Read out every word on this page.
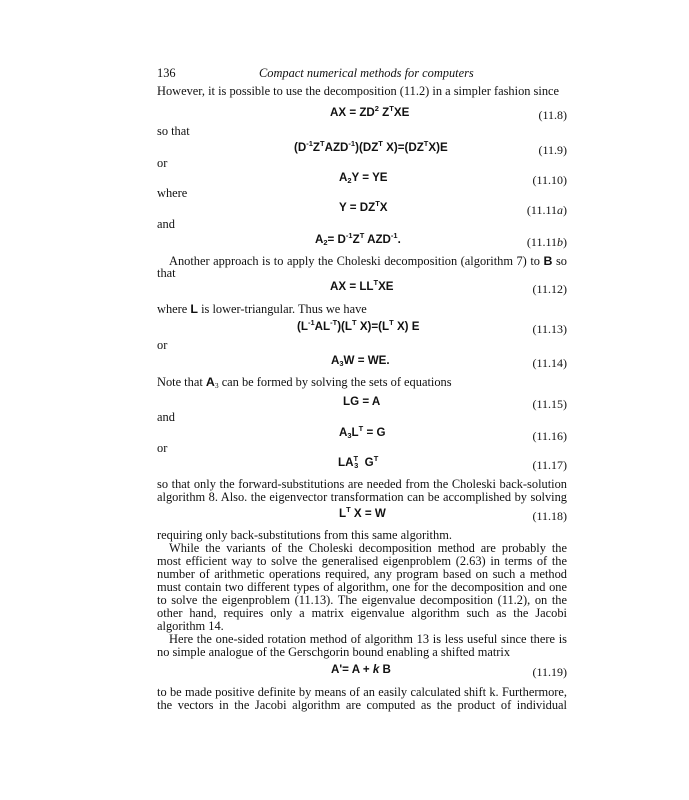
136	Compact numerical methods for computers
However, it is possible to use the decomposition (11.2) in a simpler fashion since
AX = $ZD^2$ $Z^TXE$	(11.8)
so that
$(D^{-1}Z^TAZD^{-1})(DZ^T$ $X)=(DZ^TX)E$	(11.9)
or
$A_2Y$ = YE	(11.10)
where
$Y = DZ^TX$	(11.11a)
and
$A_2= D^{-1}Z^T$ $AZD^{-1}$.	(11.11b)
Another approach is to apply the Choleski decomposition (algorithm 7) to B so
that
AX = $LL^TXE$	(11.12)
where L is lower-triangular. Thus we have
$(L^{-1}AL^{-T})(L^T$ $X)=(L^T$ X) E	(11.13)
or
$A_3W$ = WE.	(11.14)
Note that $A_3$ can be formed by solving the sets of equations
LG = A	(11.15)
and
$A_3L^T = G$	(11.16)
or
$LA^T_3$  $G^T$	(11.17)
so that only the forward-substitutions are needed from the Choleski back-solution
algorithm 8. Also. the eigenvector transformation can be accomplished by solving
$L^T$ X = W	(11.18)
requiring only back-substitutions from this same algorithm.
While the variants of the Choleski decomposition method are probably the
most efficient way to solve the generalised eigenproblem (2.63) in terms of the
number of arithmetic operations required, any program based on such a method
must contain two different types of algorithm, one for the decomposition and one
to solve the eigenproblem (11.13). The eigenvalue decomposition (11.2), on the
other hand, requires only a matrix eigenvalue algorithm such as the Jacobi
algorithm 14.
Here the one-sided rotation method of algorithm 13 is less useful since there is
no simple analogue of the Gerschgorin bound enabling a shifted matrix
A'= A + k B	(11.19)
to be made positive definite by means of an easily calculated shift k. Furthermore,
the vectors in the Jacobi algorithm are computed as the product of individual
